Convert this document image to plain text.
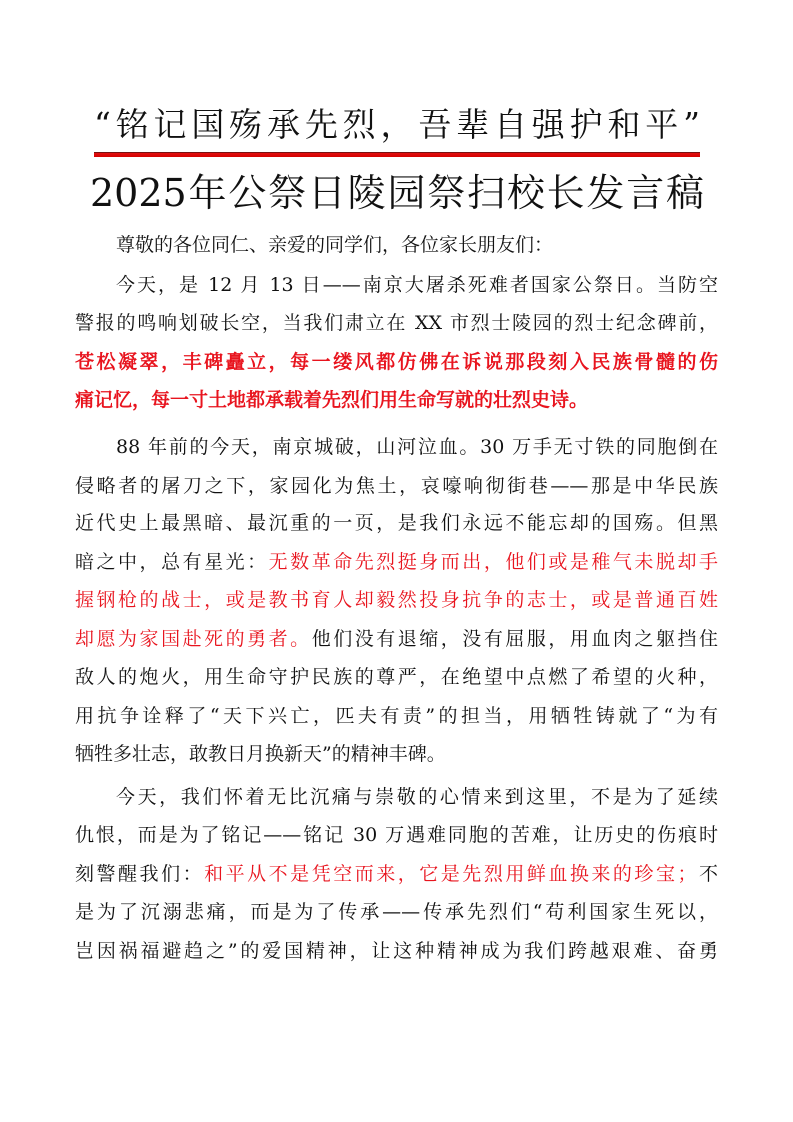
“铭记国殇承先烈，吾辈自强护和平”
2025年公祭日陵园祭扫校长发言稿
尊敬的各位同仁、亲爱的同学们，各位家长朋友们：
今天，是 12 月 13 日——南京大屠杀死难者国家公祭日。当防空
警报的鸣响划破长空，当我们肃立在 XX 市烈士陵园的烈士纪念碑前，
苍松凝翠，丰碑矗立，每一缕风都仿佛在诉说那段刻入民族骨髓的伤
痛记忆，每一寸土地都承载着先烈们用生命写就的壮烈史诗。
88 年前的今天，南京城破，山河泣血。30 万手无寸铁的同胞倒在
侵略者的屠刀之下，家园化为焦土，哀嚎响彻街巷——那是中华民族
近代史上最黑暗、最沉重的一页，是我们永远不能忘却的国殇。但黑
暗之中，总有星光：无数革命先烈挺身而出，他们或是稚气未脱却手
握钢枪的战士，或是教书育人却毅然投身抗争的志士，或是普通百姓
却愿为家国赴死的勇者。他们没有退缩，没有屈服，用血肉之躯挡住
敌人的炮火，用生命守护民族的尊严，在绝望中点燃了希望的火种，
用抗争诠释了“天下兴亡，匹夫有责”的担当，用牺牲铸就了“为有
牺牲多壮志，敢教日月换新天”的精神丰碑。
今天，我们怀着无比沉痛与崇敬的心情来到这里，不是为了延续
仇恨，而是为了铭记——铭记 30 万遇难同胞的苦难，让历史的伤痕时
刻警醒我们：和平从不是凭空而来，它是先烈用鲜血换来的珍宝；不
是为了沉溺悲痛，而是为了传承——传承先烈们“苟利国家生死以，
岂因祸福避趋之”的爱国精神，让这种精神成为我们跨越艰难、奋勇
